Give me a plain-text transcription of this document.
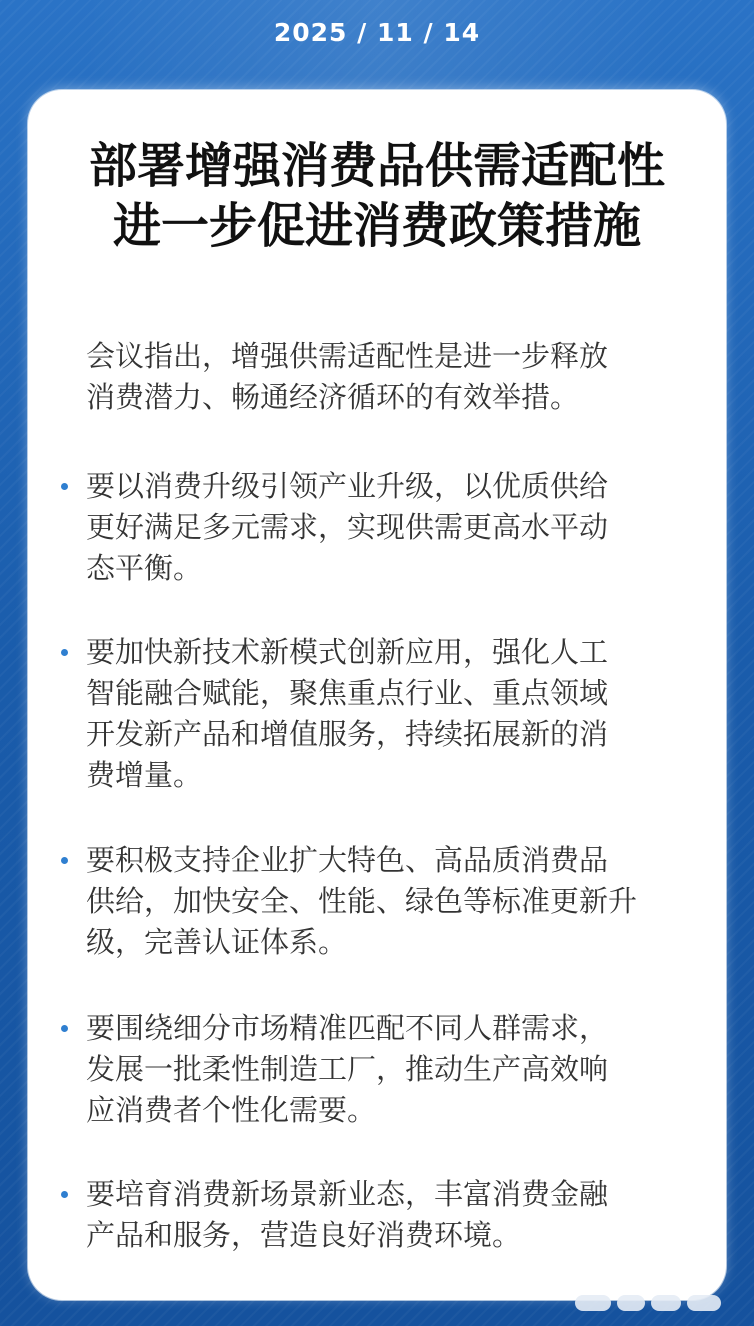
2025 / 11 / 14
部署增强消费品供需适配性
进一步促进消费政策措施
会议指出，增强供需适配性是进一步释放
消费潜力、畅通经济循环的有效举措。
要以消费升级引领产业升级，以优质供给
更好满足多元需求，实现供需更高水平动
态平衡。
要加快新技术新模式创新应用，强化人工
智能融合赋能，聚焦重点行业、重点领域
开发新产品和增值服务，持续拓展新的消
费增量。
要积极支持企业扩大特色、高品质消费品
供给，加快安全、性能、绿色等标准更新升
级，完善认证体系。
要围绕细分市场精准匹配不同人群需求，
发展一批柔性制造工厂，推动生产高效响
应消费者个性化需要。
要培育消费新场景新业态，丰富消费金融
产品和服务，营造良好消费环境。
